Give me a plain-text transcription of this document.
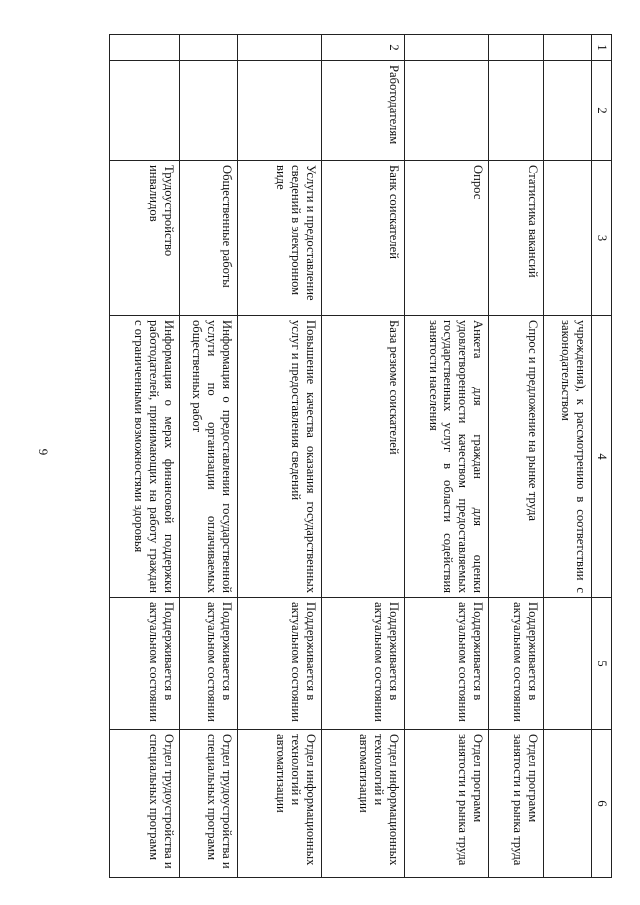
6
1	2	3	4	5	6
			учреждения), к рассмотрению в соответствии с законодательством		
		Статистика вакансий	Спрос и предложение на рынке труда	Поддерживается в актуальном состоянии	Отдел программ занятости и рынка труда
		Опрос	Анкета для граждан для оценки удовлетворенности качеством предоставляемых государственных услуг в области содействия занятости населения	Поддерживается в актуальном состоянии	Отдел программ занятости и рынка труда
2	Работодателям	Банк соискателей	База резюме соискателей	Поддерживается в актуальном состоянии	Отдел информационных технологий и автоматизации
		Услуги и предоставление сведений в электронном виде	Повышение качества оказания государственных услуг и предоставления сведений	Поддерживается в актуальном состоянии	Отдел информационных технологий и автоматизации
		Общественные работы	Информация о предоставлении государственной услуги по организации оплачиваемых общественных работ	Поддерживается в актуальном состоянии	Отдел трудоустройства и специальных программ
		Трудоустройство инвалидов	Информация о мерах финансовой поддержки работодателей, принимающих на работу граждан с ограниченными возможностями здоровья	Поддерживается в актуальном состоянии	Отдел трудоустройства и специальных программ
